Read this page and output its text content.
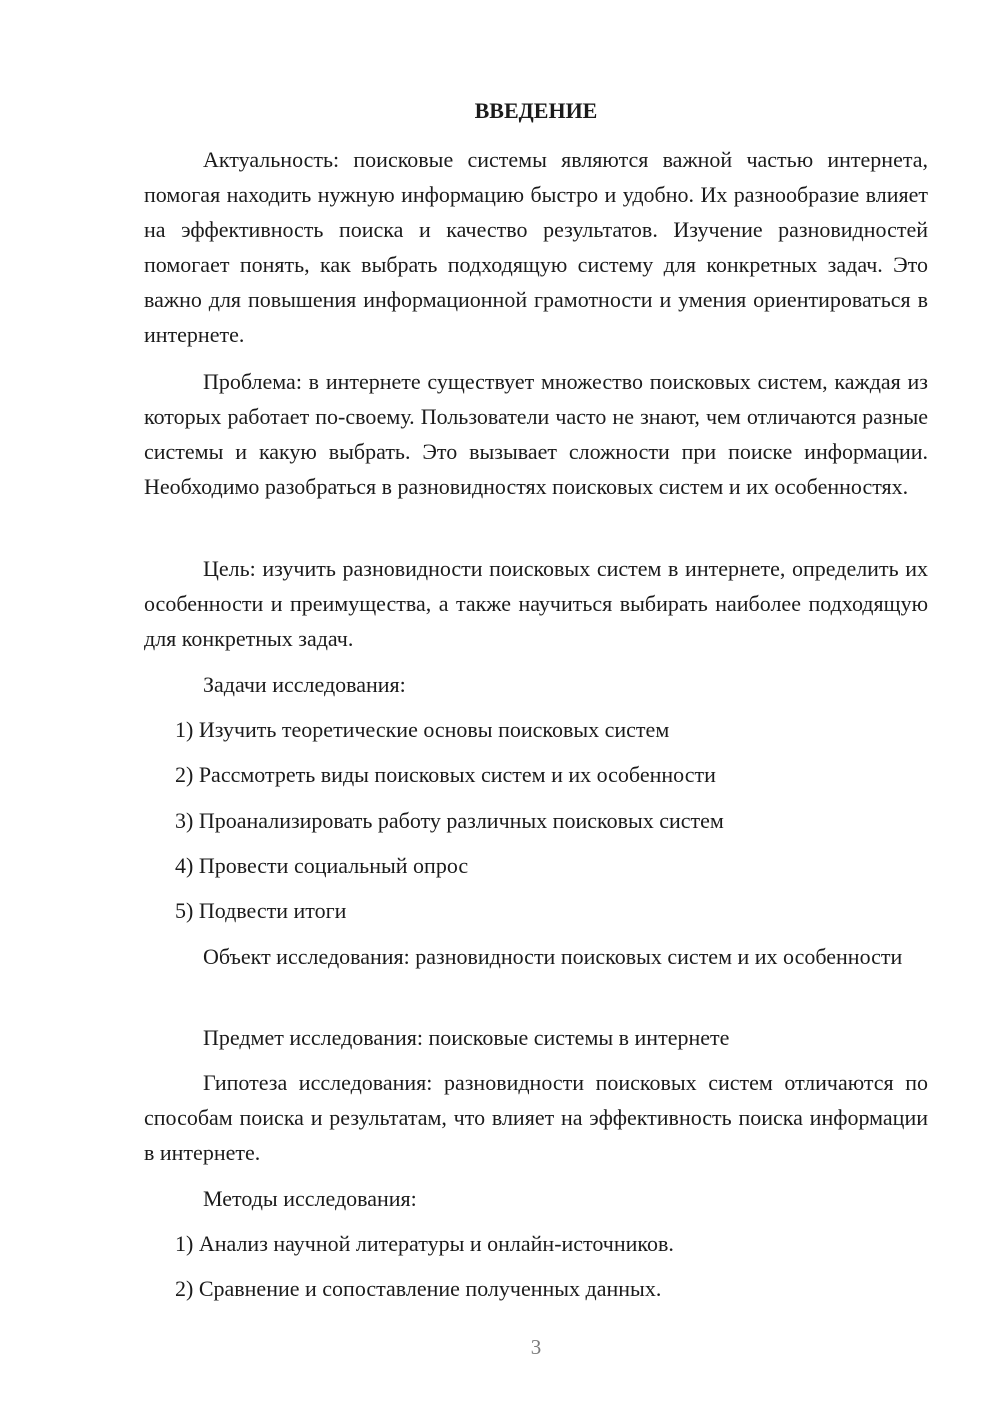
ВВЕДЕНИЕ

Актуальность: поисковые системы являются важной частью интернета, помогая находить нужную информацию быстро и удобно. Их разнообразие влияет на эффективность поиска и качество результатов. Изучение разновидностей помогает понять, как выбрать подходящую систему для конкретных задач. Это важно для повышения информационной грамотности и умения ориентироваться в интернете.

Проблема: в интернете существует множество поисковых систем, каждая из которых работает по-своему. Пользователи часто не знают, чем отличаются разные системы и какую выбрать. Это вызывает сложности при поиске информации. Необходимо разобраться в разновидностях поисковых систем и их особенностях.

Цель: изучить разновидности поисковых систем в интернете, определить их особенности и преимущества, а также научиться выбирать наиболее подходящую для конкретных задач.

Задачи исследования:

1) Изучить теоретические основы поисковых систем

2) Рассмотреть виды поисковых систем и их особенности

3) Проанализировать работу различных поисковых систем

4) Провести социальный опрос

5) Подвести итоги

Объект исследования: разновидности поисковых систем и их особенности

Предмет исследования: поисковые системы в интернете

Гипотеза исследования: разновидности поисковых систем отличаются по способам поиска и результатам, что влияет на эффективность поиска информации в интернете.

Методы исследования:

1) Анализ научной литературы и онлайн-источников.

2) Сравнение и сопоставление полученных данных.

3
